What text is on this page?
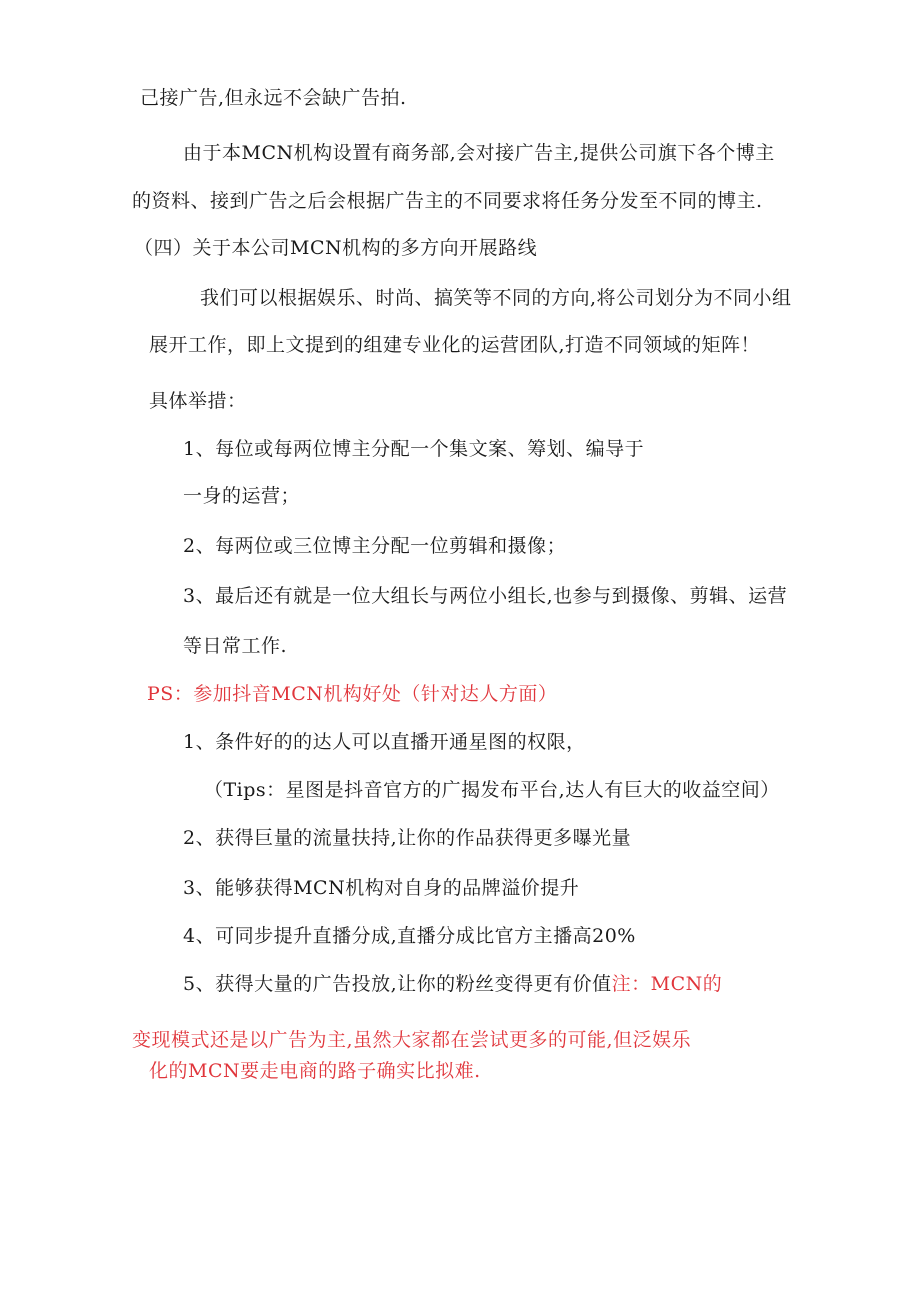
己接广告,但永远不会缺广告拍.
由于本MCN机构设置有商务部,会对接广告主,提供公司旗下各个博主
的资料、接到广告之后会根据广告主的不同要求将任务分发至不同的博主.
（四）关于本公司MCN机构的多方向开展路线
我们可以根据娱乐、时尚、搞笑等不同的方向,将公司划分为不同小组
展开工作，即上文提到的组建专业化的运营团队,打造不同领域的矩阵！
具体举措：
1、每位或每两位博主分配一个集文案、筹划、编导于
一身的运营；
2、每两位或三位博主分配一位剪辑和摄像；
3、最后还有就是一位大组长与两位小组长,也参与到摄像、剪辑、运营
等日常工作.
PS：参加抖音MCN机构好处（针对达人方面）
1、条件好的的达人可以直播开通星图的权限，
（Tips：星图是抖音官方的广揭发布平台,达人有巨大的收益空间）
2、获得巨量的流量扶持,让你的作品获得更多曝光量
3、能够获得MCN机构对自身的品牌溢价提升
4、可同步提升直播分成,直播分成比官方主播高20%
5、获得大量的广告投放,让你的粉丝变得更有价值注：MCN的
变现模式还是以广告为主,虽然大家都在尝试更多的可能,但泛娱乐
化的MCN要走电商的路子确实比拟难.
